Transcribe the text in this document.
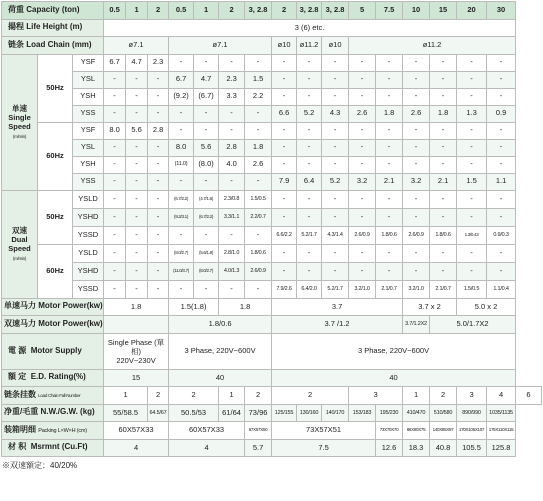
荷重 Capacity (ton)			0.5	1	2	0.5	1	2	3, 2.8	2	3, 2.8	3, 2.8	5	7.5	10	15	20	30	
揚程 Life Height (m)			3 (6) etc.																
链条 Load Chain (mm)			ø7.1			ø7.1				ø10	ø11.2	ø10	ø11.2						
单速
Single
Speed
(m/min)	50Hz	YSF	6.7	4.7	2.3	-	-	-	-	-	-	-	-	-	-	-	-	-	
		YSL	-	-	-	6.7	4.7	2.3	1.5	-	-	-	-	-	-	-	-	-	
		YSH	-	-	-	(9.2)	(6.7)	3.3	2.2	-	-	-	-	-	-	-	-	-	
		YSS	-	-	-	-	-	-	-	6.6	5.2	4.3	2.6	1.8	2.6	1.8	1.3	0.9	
	60Hz	YSF	8.0	5.6	2.8	-	-	-	-	-	-	-	-	-	-	-	-	-	
		YSL	-	-	-	8.0	5.6	2.8	1.8	-	-	-	-	-	-	-	-	-	
		YSH	-	-	-	(11.0)	(8.0)	4.0	2.6	-	-	-	-	-	-	-	-	-	
		YSS	-	-	-	-	-	-	-	7.9	6.4	5.2	3.2	2.1	3.2	2.1	1.5	1.1	
双速
Dual
Speed
(m/min)	50Hz	YSLD	-	-	-	(6.7/2.2)	(4.7/1.6)	2.3/0.8	1.5/0.5	-	-	-	-	-	-	-	-	-	
		YSHD	-	-	-	(9.2/3.1)	(6.7/2.2)	3.3/1.1	2.2/0.7	-	-	-	-	-	-	-	-	-	
		YSSD	-	-	-	-	-	-	-	6.6/2.2	5.2/1.7	4.3/1.4	2.6/0.9	1.8/0.6	2.6/0.9	1.8/0.6	1.3/0.43	0.9/0.3	
	60Hz	YSLD	-	-	-	(8.0/2.7)	(5.6/1.8)	2.8/1.0	1.8/0.6	-	-	-	-	-	-	-	-	-	
		YSHD	-	-	-	(11.0/3.7)	(8.0/2.7)	4.0/1.3	2.6/0.9	-	-	-	-	-	-	-	-	-	
		YSSD	-	-	-	-	-	-	-	7.9/2.6	6.4/2.0	5.2/1.7	3.2/1.0	2.1/0.7	3.2/1.0	2.1/0.7	1.5/0.5	1.1/0.4	
单速马力 Motor Power(kw)			1.8			1.5(1.8)		1.8		3.7					3.7 x 2		5.0 x 2		
双速马力 Motor Power(kw)						1.8/0.6				3.7 /1.2					3.7/1.2X2	5.0/1.7X2			
電 源 Motor Supply			Single Phase (單相)
220V~230V			3 Phase, 220V~600V				3 Phase, 220V~600V									
額 定 E.D. Rating(%)			15			40				40									
链条挂数 Load Chain Fall Number			1		2	2		1	2	2			3		1	2	3	4	6
净重/毛重 N.W./G.W. (kg)			55/58.5		64.5/67	50.5/53		61/64	73/96	125/155	130/160	140/170	153/183	195/230	410/470	510/580	890/990	1035/1135	
装箱明细 Packing L×W×H (cm)			60X57X33			60X57X33			67X57X50	73X57X51				73X70X70	86X80X75	140X85X97	170X105X107	175X110X115	
材 积 Msrmnt (Cu.Ft)			4			4			5.7	7.5				12.6	18.3	40.8	105.5	125.8	
※双速額定：40/20%
